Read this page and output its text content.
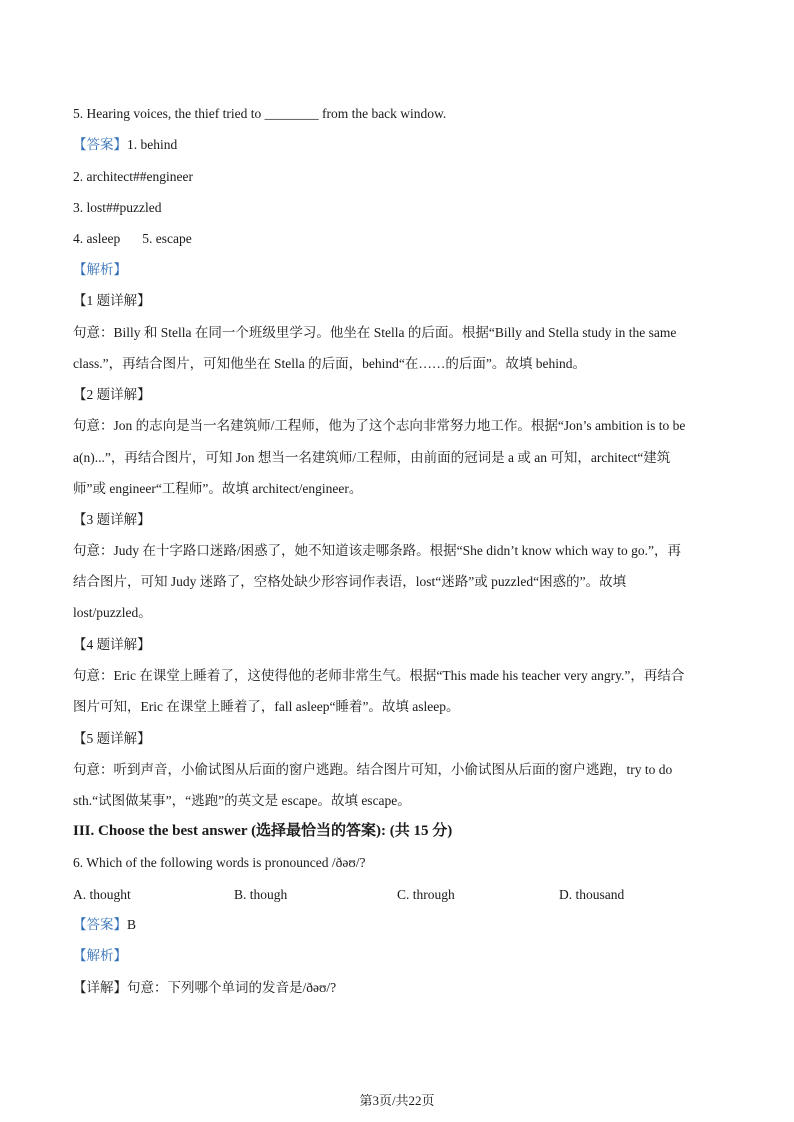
5. Hearing voices, the thief tried to ________ from the back window.
【答案】1. behind
2. architect##engineer
3. lost##puzzled
4. asleep 5. escape
【解析】
【1 题详解】
句意：Billy 和 Stella 在同一个班级里学习。他坐在 Stella 的后面。根据“Billy and Stella study in the same
class.”，再结合图片，可知他坐在 Stella 的后面，behind“在……的后面”。故填 behind。
【2 题详解】
句意：Jon 的志向是当一名建筑师/工程师，他为了这个志向非常努力地工作。根据“Jon’s ambition is to be
a(n)...”，再结合图片，可知 Jon 想当一名建筑师/工程师，由前面的冠词是 a 或 an 可知，architect“建筑
师”或 engineer“工程师”。故填 architect/engineer。
【3 题详解】
句意：Judy 在十字路口迷路/困惑了，她不知道该走哪条路。根据“She didn’t know which way to go.”，再
结合图片，可知 Judy 迷路了，空格处缺少形容词作表语，lost“迷路”或 puzzled“困惑的”。故填
lost/puzzled。
【4 题详解】
句意：Eric 在课堂上睡着了，这使得他的老师非常生气。根据“This made his teacher very angry.”，再结合
图片可知，Eric 在课堂上睡着了，fall asleep“睡着”。故填 asleep。
【5 题详解】
句意：听到声音，小偷试图从后面的窗户逃跑。结合图片可知，小偷试图从后面的窗户逃跑，try to do
sth.“试图做某事”，“逃跑”的英文是 escape。故填 escape。
III. Choose the best answer (选择最恰当的答案): (共 15 分)
6. Which of the following words is pronounced /ðəʊ/?
A. thought	B. though	C. through	D. thousand
【答案】B
【解析】
【详解】句意：下列哪个单词的发音是/ðəʊ/?
第3页/共22页
